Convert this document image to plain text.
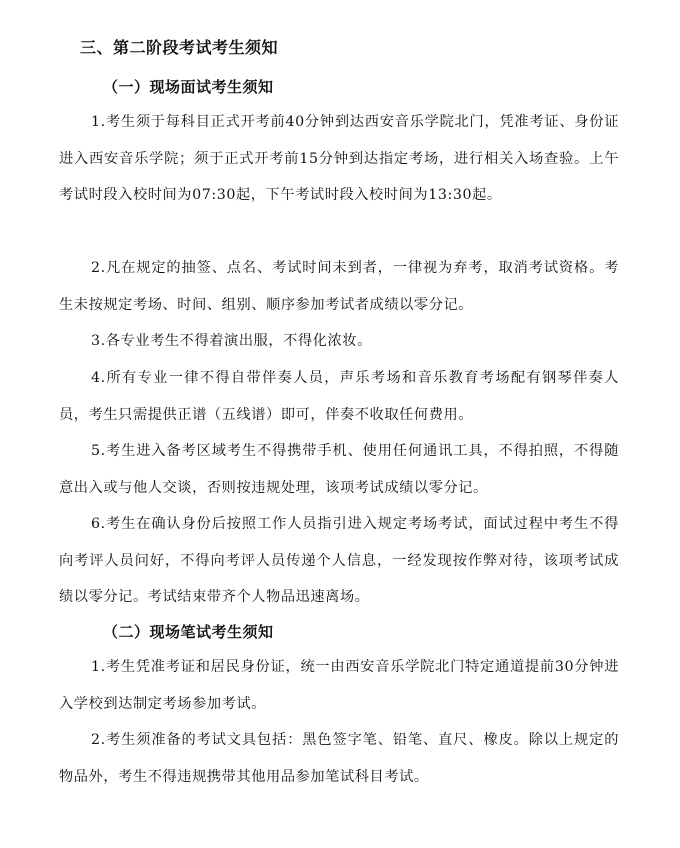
三、第二阶段考试考生须知
（一）现场面试考生须知

1.考生须于每科目正式开考前40分钟到达西安音乐学院北门，凭准考证、身份证进入西安音乐学院；须于正式开考前15分钟到达指定考场，进行相关入场查验。上午考试时段入校时间为07:30起，下午考试时段入校时间为13:30起。

2.凡在规定的抽签、点名、考试时间未到者，一律视为弃考，取消考试资格。考生未按规定考场、时间、组别、顺序参加考试者成绩以零分记。

3.各专业考生不得着演出服，不得化浓妆。

4.所有专业一律不得自带伴奏人员，声乐考场和音乐教育考场配有钢琴伴奏人员，考生只需提供正谱（五线谱）即可，伴奏不收取任何费用。

5.考生进入备考区域考生不得携带手机、使用任何通讯工具，不得拍照，不得随意出入或与他人交谈，否则按违规处理，该项考试成绩以零分记。

6.考生在确认身份后按照工作人员指引进入规定考场考试，面试过程中考生不得向考评人员问好，不得向考评人员传递个人信息，一经发现按作弊对待，该项考试成绩以零分记。考试结束带齐个人物品迅速离场。

（二）现场笔试考生须知

1.考生凭准考证和居民身份证，统一由西安音乐学院北门特定通道提前30分钟进入学校到达制定考场参加考试。

2.考生须准备的考试文具包括：黑色签字笔、铅笔、直尺、橡皮。除以上规定的物品外，考生不得违规携带其他用品参加笔试科目考试。
